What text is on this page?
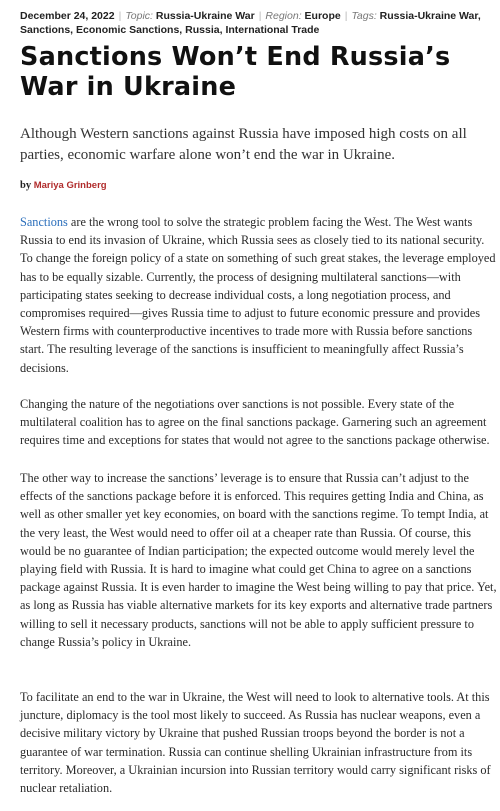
December 24, 2022 | Topic: Russia-Ukraine War | Region: Europe | Tags: Russia-Ukraine War, Sanctions, Economic Sanctions, Russia, International Trade
Sanctions Won’t End Russia’s War in Ukraine

Although Western sanctions against Russia have imposed high costs on all parties, economic warfare alone won’t end the war in Ukraine.

by Mariya Grinberg

Sanctions are the wrong tool to solve the strategic problem facing the West. The West wants Russia to end its invasion of Ukraine, which Russia sees as closely tied to its national security. To change the foreign policy of a state on something of such great stakes, the leverage employed has to be equally sizable. Currently, the process of designing multilateral sanctions—with participating states seeking to decrease individual costs, a long negotiation process, and compromises required—gives Russia time to adjust to future economic pressure and provides Western firms with counterproductive incentives to trade more with Russia before sanctions start. The resulting leverage of the sanctions is insufficient to meaningfully affect Russia’s decisions.

Changing the nature of the negotiations over sanctions is not possible. Every state of the multilateral coalition has to agree on the final sanctions package. Garnering such an agreement requires time and exceptions for states that would not agree to the sanctions package otherwise.

The other way to increase the sanctions’ leverage is to ensure that Russia can’t adjust to the effects of the sanctions package before it is enforced. This requires getting India and China, as well as other smaller yet key economies, on board with the sanctions regime. To tempt India, at the very least, the West would need to offer oil at a cheaper rate than Russia. Of course, this would be no guarantee of Indian participation; the expected outcome would merely level the playing field with Russia. It is hard to imagine what could get China to agree on a sanctions package against Russia. It is even harder to imagine the West being willing to pay that price. Yet, as long as Russia has viable alternative markets for its key exports and alternative trade partners willing to sell it necessary products, sanctions will not be able to apply sufficient pressure to change Russia’s policy in Ukraine.

To facilitate an end to the war in Ukraine, the West will need to look to alternative tools. At this juncture, diplomacy is the tool most likely to succeed. As Russia has nuclear weapons, even a decisive military victory by Ukraine that pushed Russian troops beyond the border is not a guarantee of war termination. Russia can continue shelling Ukrainian infrastructure from its territory. Moreover, a Ukrainian incursion into Russian territory would carry significant risks of nuclear retaliation.
